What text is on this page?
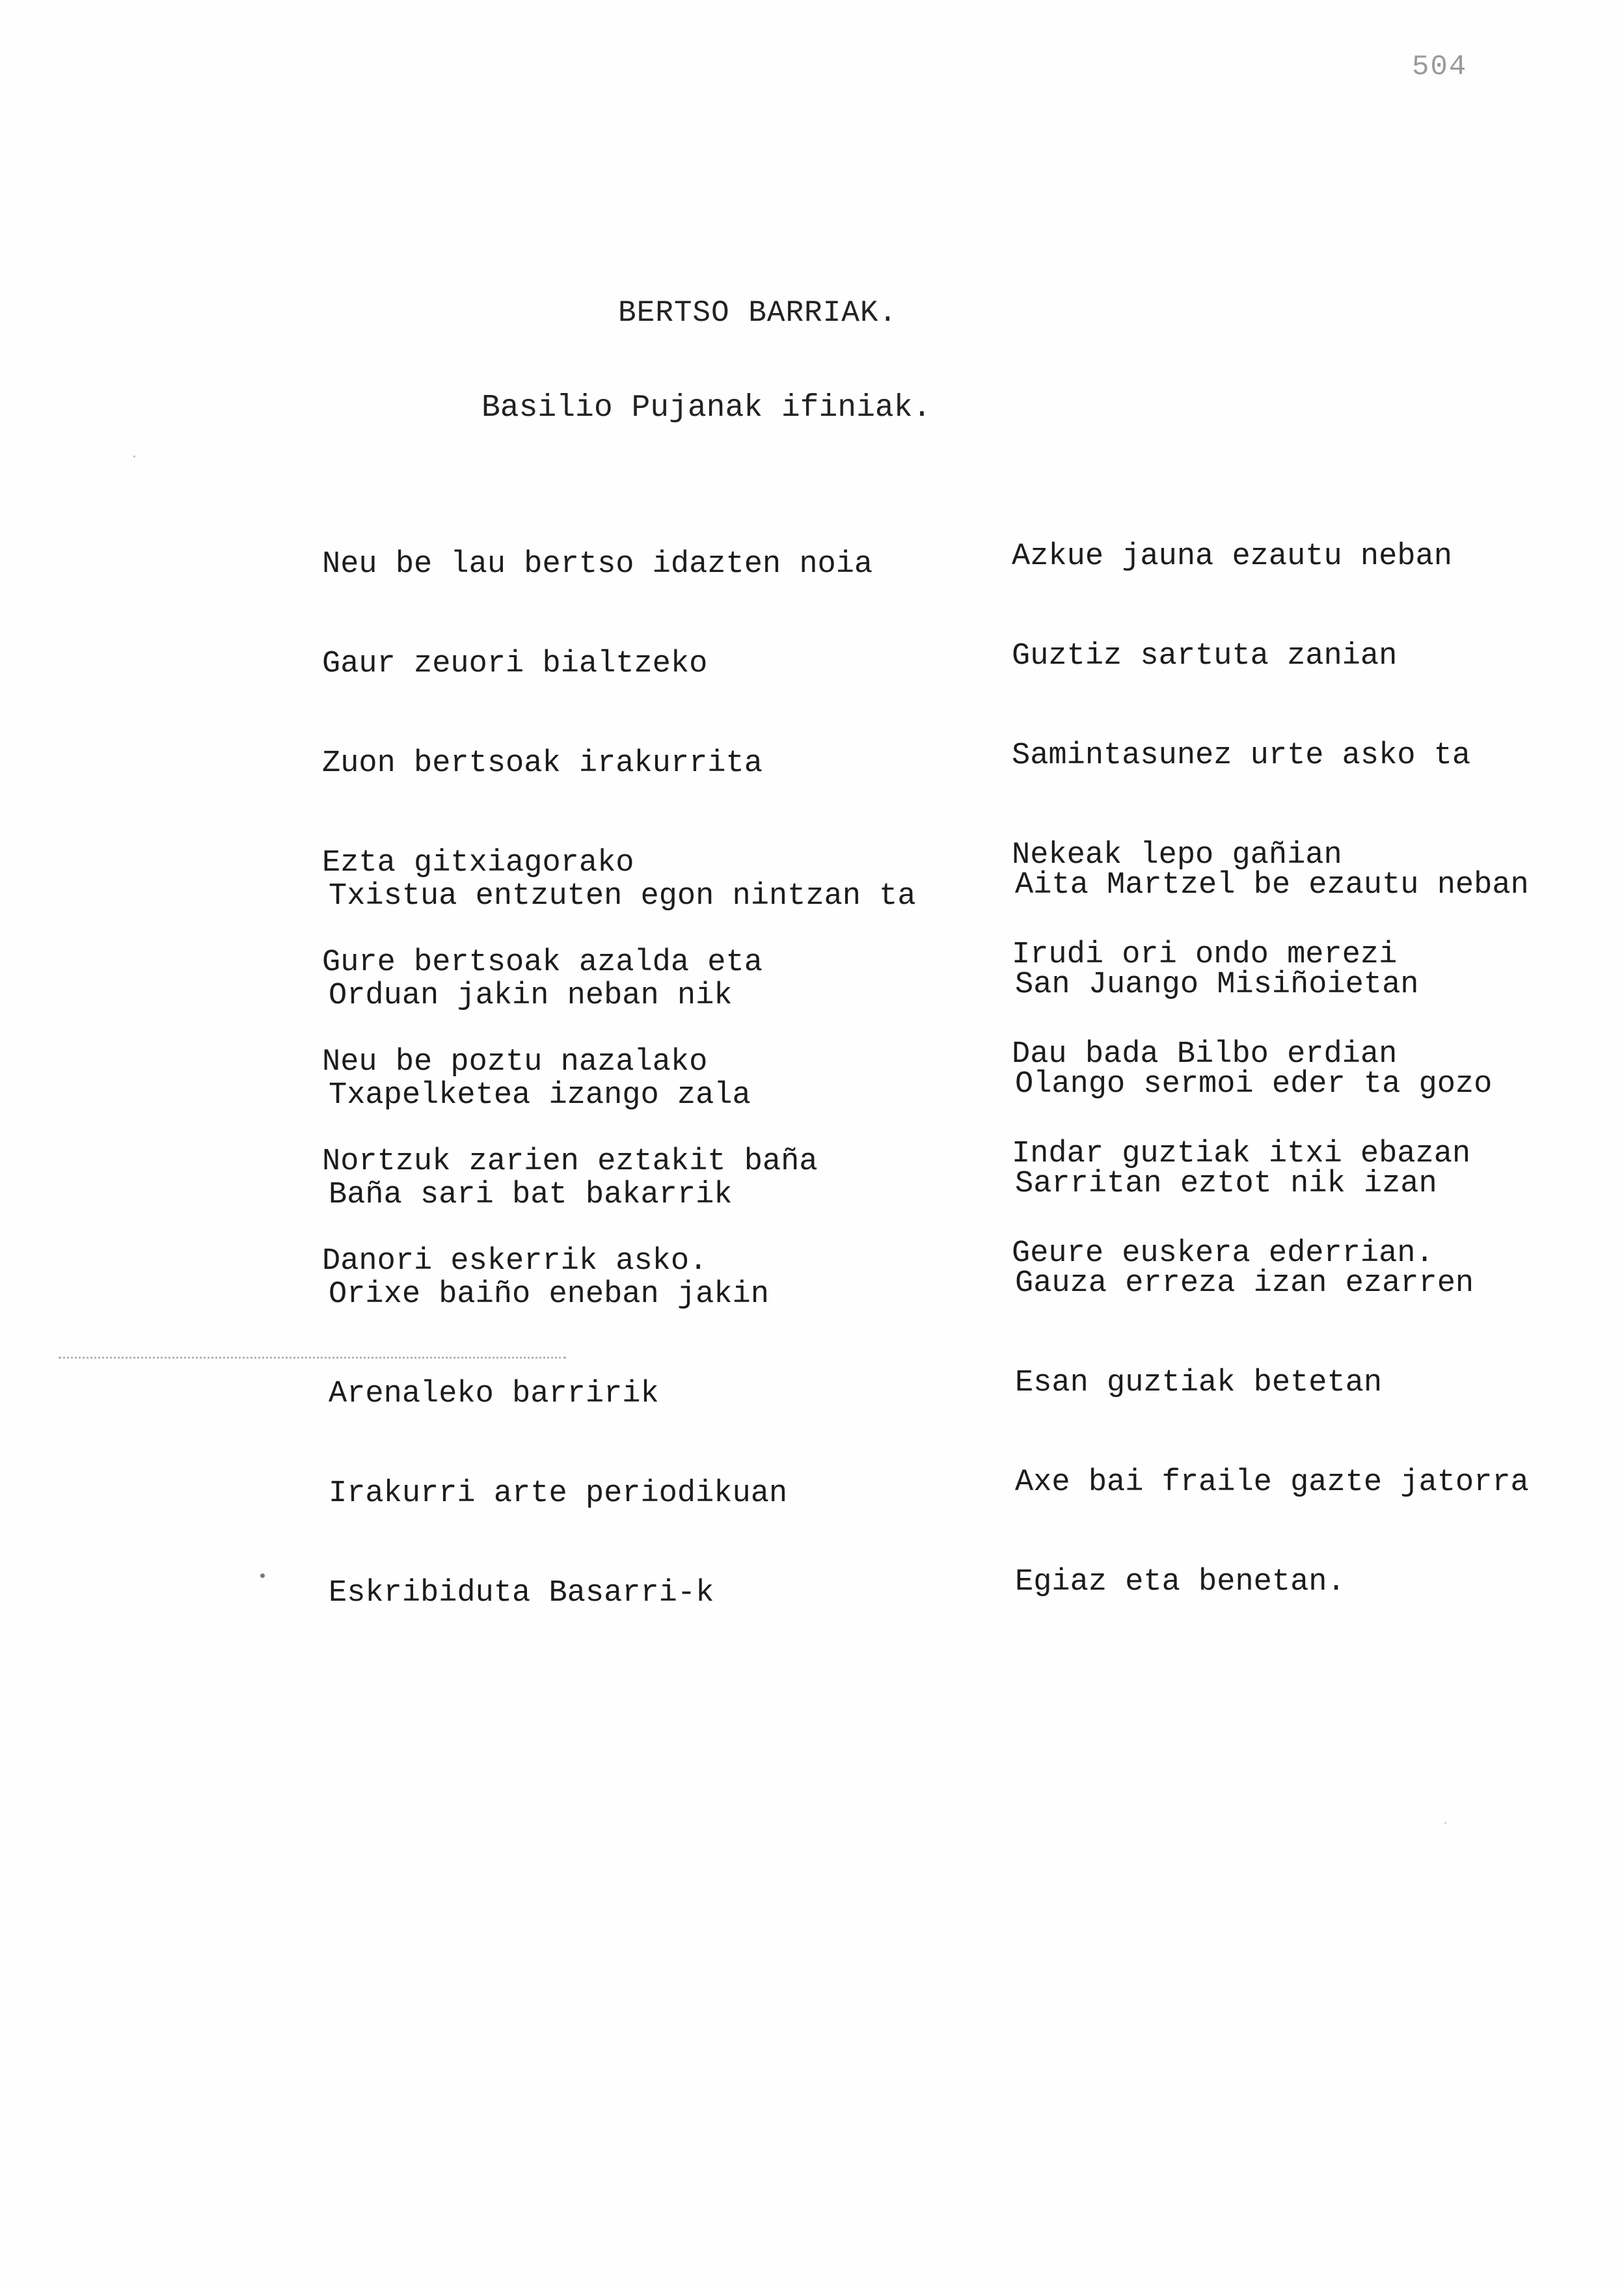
504
BERTSO BARRIAK.
Basilio Pujanak ifiniak.

Neu be lau bertso idazten noia

Gaur zeuori bialtzeko

Zuon bertsoak irakurrita

Ezta gitxiagorako

Gure bertsoak azalda eta

Neu be poztu nazalako

Nortzuk zarien eztakit baña

Danori eskerrik asko.

Azkue jauna ezautu neban

Guztiz sartuta zanian

Samintasunez urte asko ta

Nekeak lepo gañian

Irudi ori ondo merezi

Dau bada Bilbo erdian

Indar guztiak itxi ebazan

Geure euskera ederrian.

Txistua entzuten egon nintzan ta

Orduan jakin neban nik

Txapelketea izango zala

Baña sari bat bakarrik

Orixe baiño eneban jakin

Arenaleko barririk

Irakurri arte periodikuan

Eskribiduta Basarri-k

Aita Martzel be ezautu neban

San Juango Misiñoietan

Olango sermoi eder ta gozo

Sarritan eztot nik izan

Gauza erreza izan ezarren

Esan guztiak betetan

Axe bai fraile gazte jatorra

Egiaz eta benetan.
